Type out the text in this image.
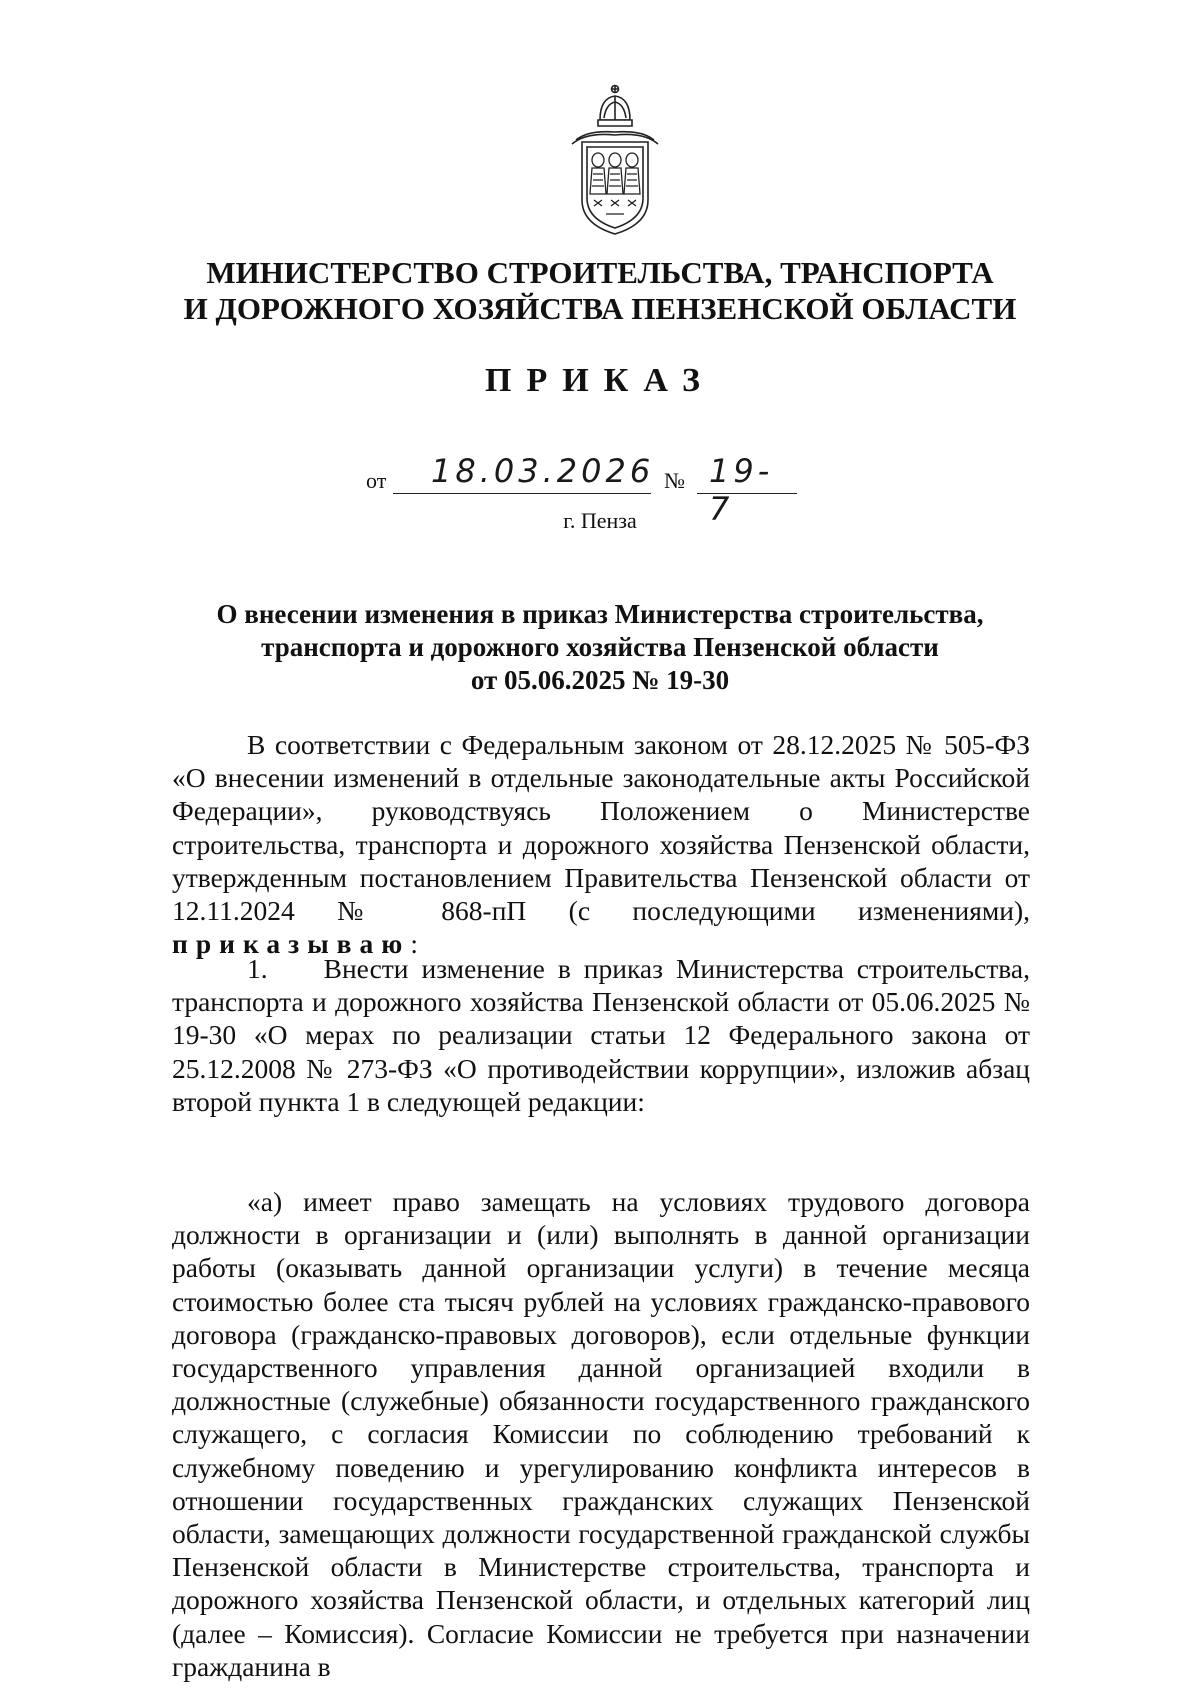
МИНИСТЕРСТВО СТРОИТЕЛЬСТВА, ТРАНСПОРТА
И ДОРОЖНОГО ХОЗЯЙСТВА ПЕНЗЕНСКОЙ ОБЛАСТИ
ПРИКАЗ
от 18.03.2026 № 19-7
г. Пенза
О внесении изменения в приказ Министерства строительства,
транспорта и дорожного хозяйства Пензенской области
от 05.06.2025 № 19-30

В соответствии с Федеральным законом от 28.12.2025 № 505-ФЗ «О внесении изменений в отдельные законодательные акты Российской Федерации», руководствуясь Положением о Министерстве строительства, транспорта и дорожного хозяйства Пензенской области, утвержденным постановлением Правительства Пензенской области от 12.11.2024 № 868-пП (с последующими изменениями), приказываю:

1. Внести изменение в приказ Министерства строительства, транспорта и дорожного хозяйства Пензенской области от 05.06.2025 № 19-30 «О мерах по реализации статьи 12 Федерального закона от 25.12.2008 № 273-ФЗ «О противодействии коррупции», изложив абзац второй пункта 1 в следующей редакции:

«а) имеет право замещать на условиях трудового договора должности в организации и (или) выполнять в данной организации работы (оказывать данной организации услуги) в течение месяца стоимостью более ста тысяч рублей на условиях гражданско-правового договора (гражданско-правовых договоров), если отдельные функции государственного управления данной организацией входили в должностные (служебные) обязанности государственного гражданского служащего, с согласия Комиссии по соблюдению требований к служебному поведению и урегулированию конфликта интересов в отношении государственных гражданских служащих Пензенской области, замещающих должности государственной гражданской службы Пензенской области в Министерстве строительства, транспорта и дорожного хозяйства Пензенской области, и отдельных категорий лиц (далее – Комиссия). Согласие Комиссии не требуется при назначении гражданина в
